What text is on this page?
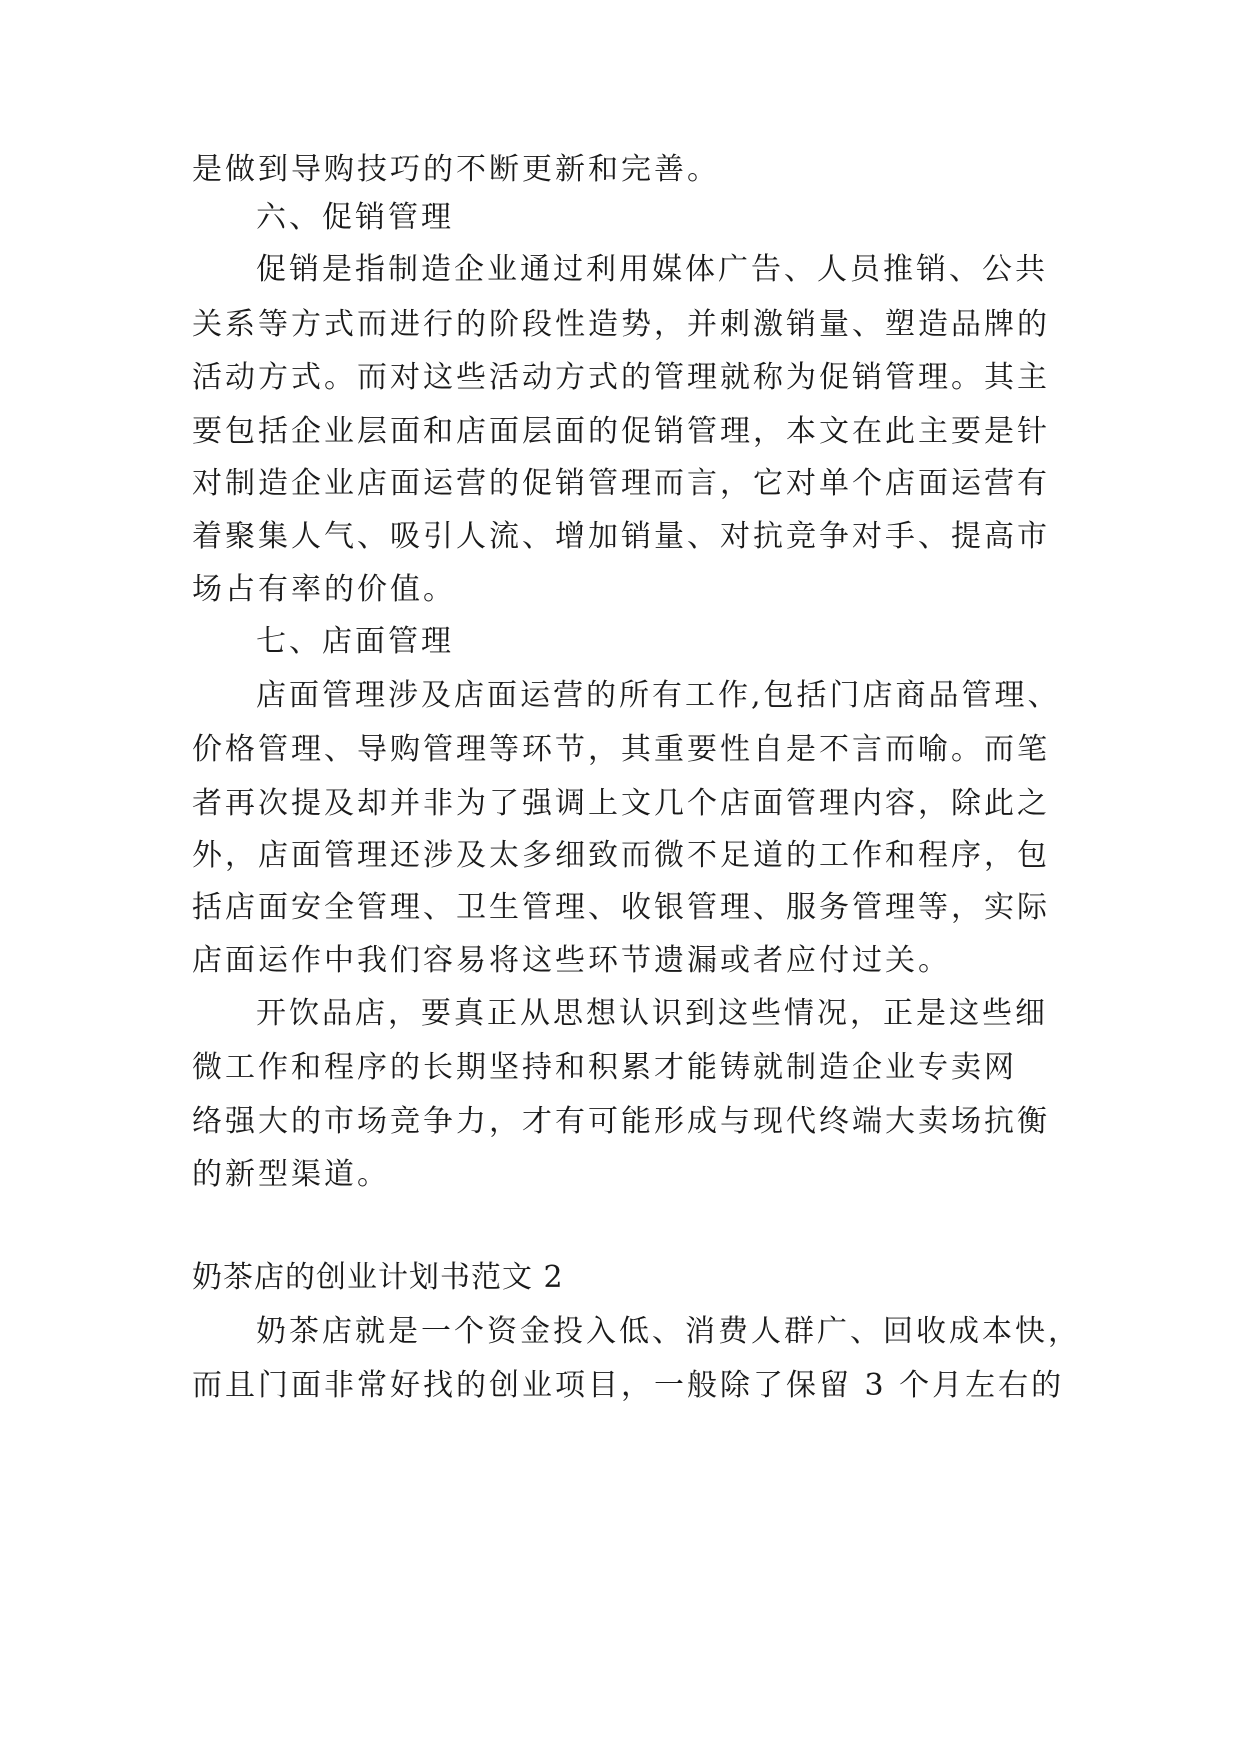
是做到导购技巧的不断更新和完善。
六、促销管理
促销是指制造企业通过利用媒体广告、人员推销、公共
关系等方式而进行的阶段性造势，并刺激销量、塑造品牌的
活动方式。而对这些活动方式的管理就称为促销管理。其主
要包括企业层面和店面层面的促销管理，本文在此主要是针
对制造企业店面运营的促销管理而言，它对单个店面运营有
着聚集人气、吸引人流、增加销量、对抗竞争对手、提高市
场占有率的价值。
七、店面管理
店面管理涉及店面运营的所有工作,包括门店商品管理、
价格管理、导购管理等环节，其重要性自是不言而喻。而笔
者再次提及却并非为了强调上文几个店面管理内容，除此之
外，店面管理还涉及太多细致而微不足道的工作和程序，包
括店面安全管理、卫生管理、收银管理、服务管理等，实际
店面运作中我们容易将这些环节遗漏或者应付过关。
开饮品店，要真正从思想认识到这些情况，正是这些细
微工作和程序的长期坚持和积累才能铸就制造企业专卖网
络强大的市场竞争力，才有可能形成与现代终端大卖场抗衡
的新型渠道。
奶茶店的创业计划书范文 2
奶茶店就是一个资金投入低、消费人群广、回收成本快，
而且门面非常好找的创业项目，一般除了保留 3 个月左右的
